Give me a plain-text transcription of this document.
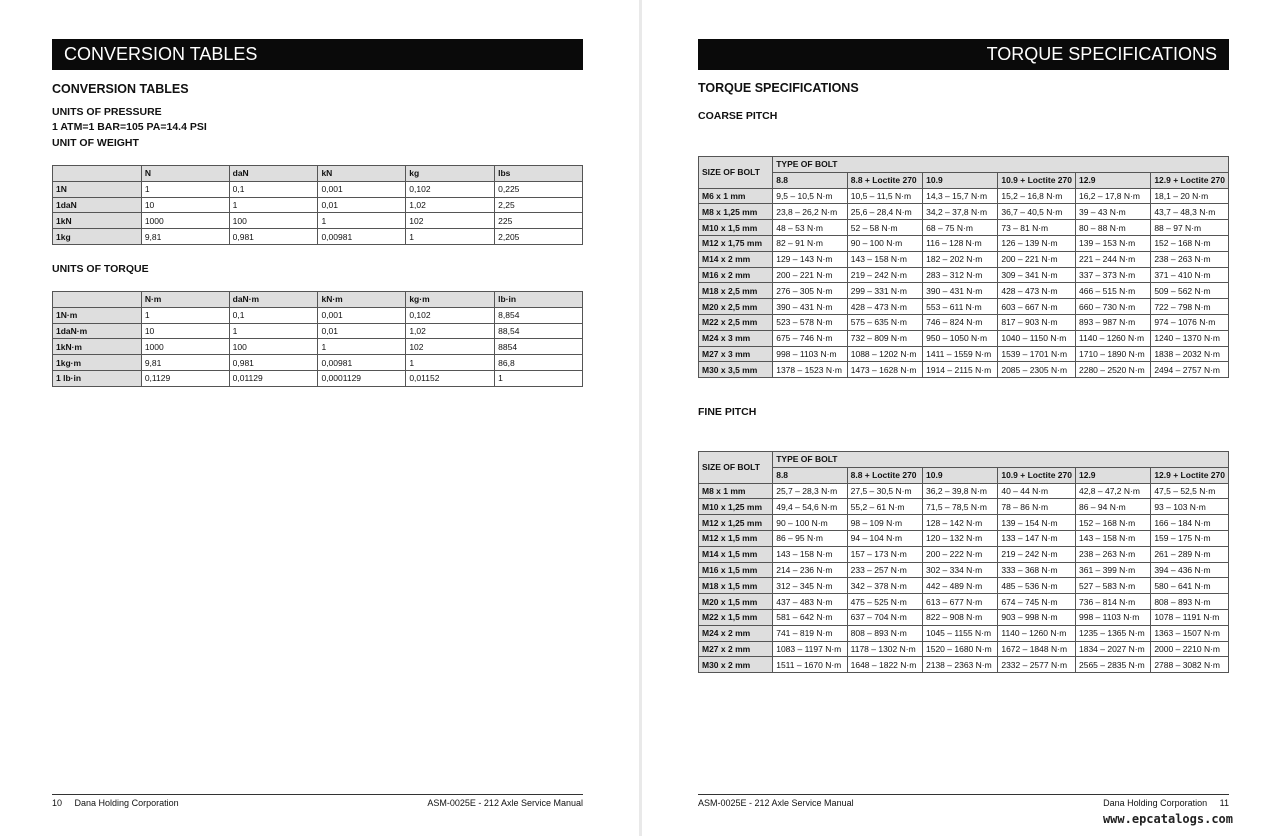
CONVERSION TABLES
CONVERSION TABLES
UNITS OF PRESSURE
1 ATM=1 BAR=105 PA=14.4 PSI
UNIT OF WEIGHT
	N	daN	kN	kg	lbs
1N	1	0,1	0,001	0,102	0,225
1daN	10	1	0,01	1,02	2,25
1kN	1000	100	1	102	225
1kg	9,81	0,981	0,00981	1	2,205
UNITS OF TORQUE
	N·m	daN·m	kN·m	kg·m	lb·in
1N·m	1	0,1	0,001	0,102	8,854
1daN·m	10	1	0,01	1,02	88,54
1kN·m	1000	100	1	102	8854
1kg·m	9,81	0,981	0,00981	1	86,8
1 lb·in	0,1129	0,01129	0,0001129	0,01152	1
10 Dana Holding Corporation	ASM-0025E - 212 Axle Service Manual
TORQUE SPECIFICATIONS
TORQUE SPECIFICATIONS
COARSE PITCH
SIZE OF BOLT	TYPE OF BOLT					
	8.8	8.8 + Loctite 270	10.9	10.9 + Loctite 270	12.9	12.9 + Loctite 270
M6 x 1 mm	9,5 – 10,5 N·m	10,5 – 11,5 N·m	14,3 – 15,7 N·m	15,2 – 16,8 N·m	16,2 – 17,8 N·m	18,1 – 20 N·m
M8 x 1,25 mm	23,8 – 26,2 N·m	25,6 – 28,4 N·m	34,2 – 37,8 N·m	36,7 – 40,5 N·m	39 – 43 N·m	43,7 – 48,3 N·m
M10 x 1,5 mm	48 – 53 N·m	52 – 58 N·m	68 – 75 N·m	73 – 81 N·m	80 – 88 N·m	88 – 97 N·m
M12 x 1,75 mm	82 – 91 N·m	90 – 100 N·m	116 – 128 N·m	126 – 139 N·m	139 – 153 N·m	152 – 168 N·m
M14 x 2 mm	129 – 143 N·m	143 – 158 N·m	182 – 202 N·m	200 – 221 N·m	221 – 244 N·m	238 – 263 N·m
M16 x 2 mm	200 – 221 N·m	219 – 242 N·m	283 – 312 N·m	309 – 341 N·m	337 – 373 N·m	371 – 410 N·m
M18 x 2,5 mm	276 – 305 N·m	299 – 331 N·m	390 – 431 N·m	428 – 473 N·m	466 – 515 N·m	509 – 562 N·m
M20 x 2,5 mm	390 – 431 N·m	428 – 473 N·m	553 – 611 N·m	603 – 667 N·m	660 – 730 N·m	722 – 798 N·m
M22 x 2,5 mm	523 – 578 N·m	575 – 635 N·m	746 – 824 N·m	817 – 903 N·m	893 – 987 N·m	974 – 1076 N·m
M24 x 3 mm	675 – 746 N·m	732 – 809 N·m	950 – 1050 N·m	1040 – 1150 N·m	1140 – 1260 N·m	1240 – 1370 N·m
M27 x 3 mm	998 – 1103 N·m	1088 – 1202 N·m	1411 – 1559 N·m	1539 – 1701 N·m	1710 – 1890 N·m	1838 – 2032 N·m
M30 x 3,5 mm	1378 – 1523 N·m	1473 – 1628 N·m	1914 – 2115 N·m	2085 – 2305 N·m	2280 – 2520 N·m	2494 – 2757 N·m
FINE PITCH
SIZE OF BOLT	TYPE OF BOLT					
	8.8	8.8 + Loctite 270	10.9	10.9 + Loctite 270	12.9	12.9 + Loctite 270
M8 x 1 mm	25,7 – 28,3 N·m	27,5 – 30,5 N·m	36,2 – 39,8 N·m	40 – 44 N·m	42,8 – 47,2 N·m	47,5 – 52,5 N·m
M10 x 1,25 mm	49,4 – 54,6 N·m	55,2 – 61 N·m	71,5 – 78,5 N·m	78 – 86 N·m	86 – 94 N·m	93 – 103 N·m
M12 x 1,25 mm	90 – 100 N·m	98 – 109 N·m	128 – 142 N·m	139 – 154 N·m	152 – 168 N·m	166 – 184 N·m
M12 x 1,5 mm	86 – 95 N·m	94 – 104 N·m	120 – 132 N·m	133 – 147 N·m	143 – 158 N·m	159 – 175 N·m
M14 x 1,5 mm	143 – 158 N·m	157 – 173 N·m	200 – 222 N·m	219 – 242 N·m	238 – 263 N·m	261 – 289 N·m
M16 x 1,5 mm	214 – 236 N·m	233 – 257 N·m	302 – 334 N·m	333 – 368 N·m	361 – 399 N·m	394 – 436 N·m
M18 x 1,5 mm	312 – 345 N·m	342 – 378 N·m	442 – 489 N·m	485 – 536 N·m	527 – 583 N·m	580 – 641 N·m
M20 x 1,5 mm	437 – 483 N·m	475 – 525 N·m	613 – 677 N·m	674 – 745 N·m	736 – 814 N·m	808 – 893 N·m
M22 x 1,5 mm	581 – 642 N·m	637 – 704 N·m	822 – 908 N·m	903 – 998 N·m	998 – 1103 N·m	1078 – 1191 N·m
M24 x 2 mm	741 – 819 N·m	808 – 893 N·m	1045 – 1155 N·m	1140 – 1260 N·m	1235 – 1365 N·m	1363 – 1507 N·m
M27 x 2 mm	1083 – 1197 N·m	1178 – 1302 N·m	1520 – 1680 N·m	1672 – 1848 N·m	1834 – 2027 N·m	2000 – 2210 N·m
M30 x 2 mm	1511 – 1670 N·m	1648 – 1822 N·m	2138 – 2363 N·m	2332 – 2577 N·m	2565 – 2835 N·m	2788 – 3082 N·m
ASM-0025E - 212 Axle Service Manual	Dana Holding Corporation 11
www.epcatalogs.com
